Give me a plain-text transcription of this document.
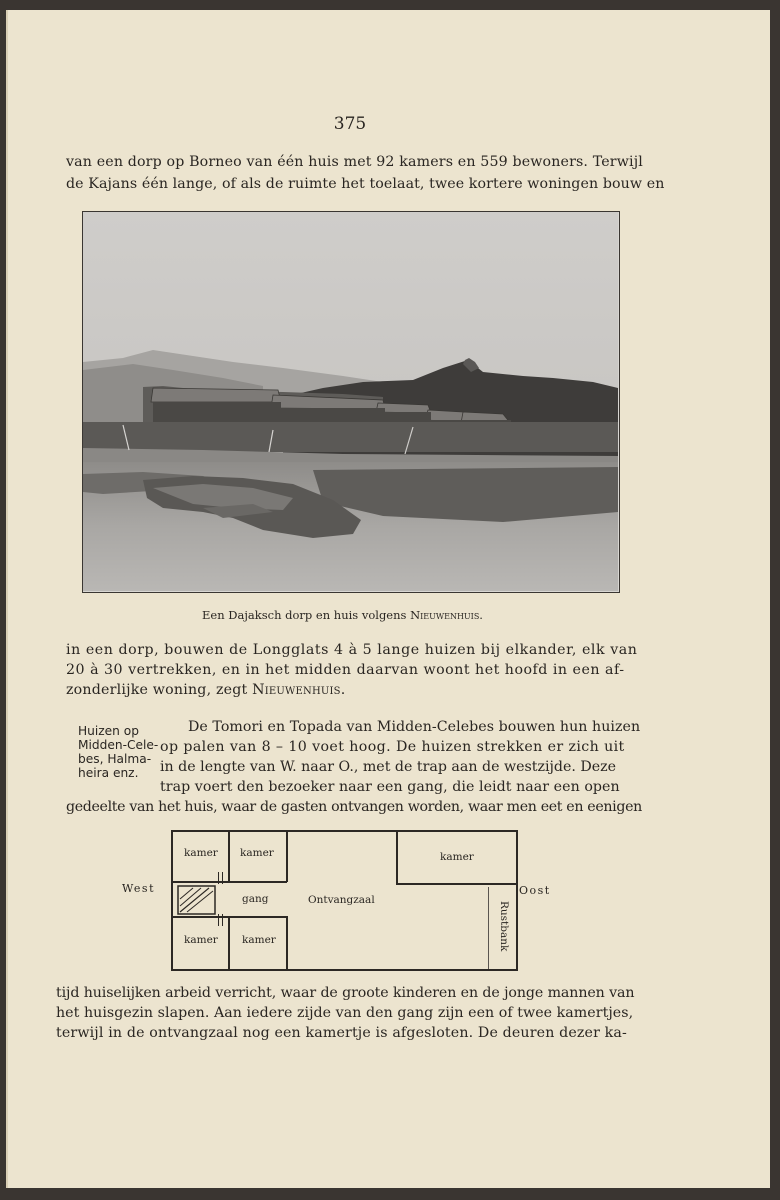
375
van een dorp op Borneo van één huis met 92 kamers en 559 bewoners. Terwijl
de Kajans één lange, of als de ruimte het toelaat, twee kortere woningen bouw en
Een Dajaksch dorp en huis volgens Nieuwenhuis.
in een dorp, bouwen de Longglats 4 à 5 lange huizen bij elkander, elk van
20 à 30 vertrekken, en in het midden daarvan woont het hoofd in een af-
zonderlijke woning, zegt Nieuwenhuis.
Huizen op
Midden-Cele-
bes, Halma-
heira enz.
De Tomori en Topada van Midden-Celebes bouwen hun huizen
op palen van 8 – 10 voet hoog. De huizen strekken er zich uit
in de lengte van W. naar O., met de trap aan de westzijde. Deze
trap voert den bezoeker naar een gang, die leidt naar een open
gedeelte van het huis, waar de gasten ontvangen worden, waar men eet en eenigen
West	Oost
kamer kamer	kamer
kamer kamer
gang	Ontvangzaal
Rustbank
tijd huiselijken arbeid verricht, waar de groote kinderen en de jonge mannen van
het huisgezin slapen. Aan iedere zijde van den gang zijn een of twee kamertjes,
terwijl in de ontvangzaal nog een kamertje is afgesloten. De deuren dezer ka-
